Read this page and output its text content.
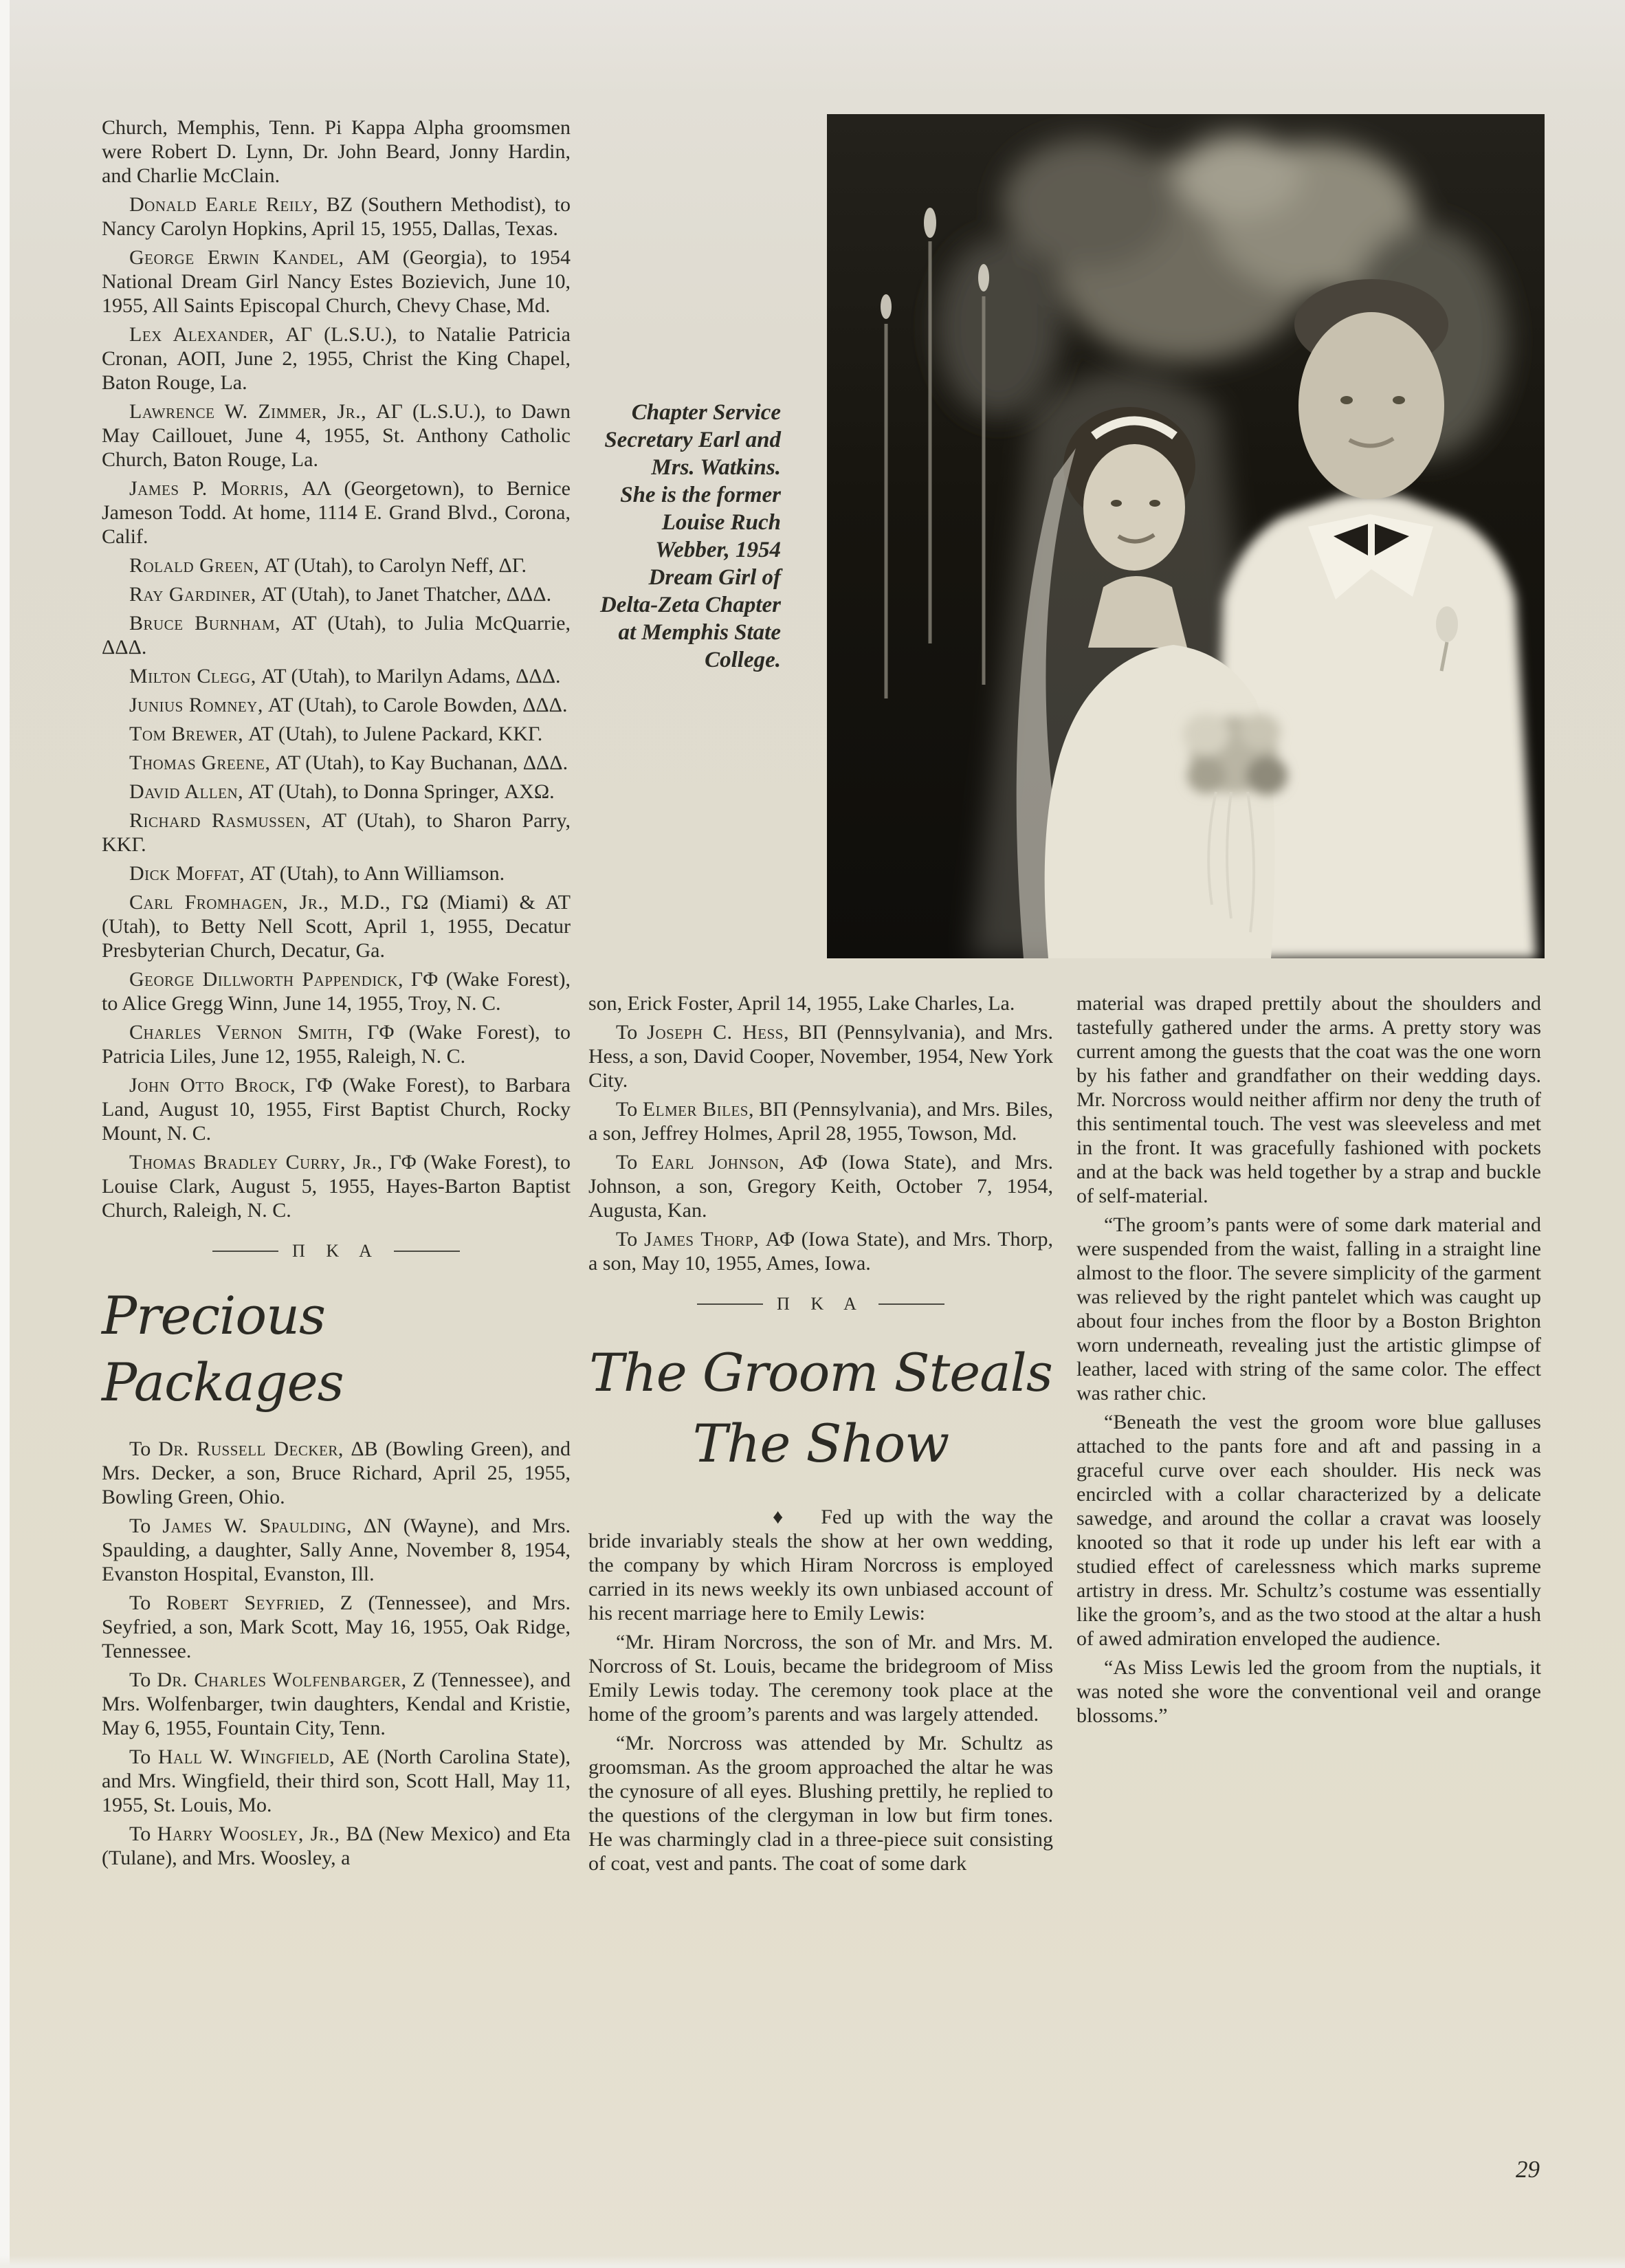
Chapter Service
Secretary Earl and
Mrs. Watkins.
She is the former
Louise Ruch
Webber, 1954
Dream Girl of
Delta-Zeta Chapter
at Memphis State
College.

Church, Memphis, Tenn. Pi Kappa Alpha groomsmen were Robert D. Lynn, Dr. John Beard, Jonny Hardin, and Charlie McClain.

Donald Earle Reily, ΒΖ (Southern Methodist), to Nancy Carolyn Hopkins, April 15, 1955, Dallas, Texas.

George Erwin Kandel, ΑΜ (Georgia), to 1954 National Dream Girl Nancy Estes Bozievich, June 10, 1955, All Saints Episcopal Church, Chevy Chase, Md.

Lex Alexander, ΑΓ (L.S.U.), to Natalie Patricia Cronan, ΑΟΠ, June 2, 1955, Christ the King Chapel, Baton Rouge, La.

Lawrence W. Zimmer, Jr., ΑΓ (L.S.U.), to Dawn May Caillouet, June 4, 1955, St. Anthony Catholic Church, Baton Rouge, La.

James P. Morris, ΑΛ (Georgetown), to Bernice Jameson Todd. At home, 1114 E. Grand Blvd., Corona, Calif.

Rolald Green, ΑΤ (Utah), to Carolyn Neff, ΔΓ.

Ray Gardiner, ΑΤ (Utah), to Janet Thatcher, ΔΔΔ.

Bruce Burnham, ΑΤ (Utah), to Julia McQuarrie, ΔΔΔ.

Milton Clegg, ΑΤ (Utah), to Marilyn Adams, ΔΔΔ.

Junius Romney, ΑΤ (Utah), to Carole Bowden, ΔΔΔ.

Tom Brewer, ΑΤ (Utah), to Julene Packard, ΚΚΓ.

Thomas Greene, ΑΤ (Utah), to Kay Buchanan, ΔΔΔ.

David Allen, ΑΤ (Utah), to Donna Springer, ΑΧΩ.

Richard Rasmussen, ΑΤ (Utah), to Sharon Parry, ΚΚΓ.

Dick Moffat, ΑΤ (Utah), to Ann Williamson.

Carl Fromhagen, Jr., M.D., ΓΩ (Miami) & ΑΤ (Utah), to Betty Nell Scott, April 1, 1955, Decatur Presbyterian Church, Decatur, Ga.

George Dillworth Pappendick, ΓΦ (Wake Forest), to Alice Gregg Winn, June 14, 1955, Troy, N. C.

Charles Vernon Smith, ΓΦ (Wake Forest), to Patricia Liles, June 12, 1955, Raleigh, N. C.

John Otto Brock, ΓΦ (Wake Forest), to Barbara Land, August 10, 1955, First Baptist Church, Rocky Mount, N. C.

Thomas Bradley Curry, Jr., ΓΦ (Wake Forest), to Louise Clark, August 5, 1955, Hayes-Barton Baptist Church, Raleigh, N. C.

Π Κ Α
Precious Packages

To Dr. Russell Decker, ΔΒ (Bowling Green), and Mrs. Decker, a son, Bruce Richard, April 25, 1955, Bowling Green, Ohio.

To James W. Spaulding, ΔΝ (Wayne), and Mrs. Spaulding, a daughter, Sally Anne, November 8, 1954, Evanston Hospital, Evanston, Ill.

To Robert Seyfried, Ζ (Tennessee), and Mrs. Seyfried, a son, Mark Scott, May 16, 1955, Oak Ridge, Tennessee.

To Dr. Charles Wolfenbarger, Ζ (Tennessee), and Mrs. Wolfenbarger, twin daughters, Kendal and Kristie, May 6, 1955, Fountain City, Tenn.

To Hall W. Wingfield, ΑΕ (North Carolina State), and Mrs. Wingfield, their third son, Scott Hall, May 11, 1955, St. Louis, Mo.

To Harry Woosley, Jr., ΒΔ (New Mexico) and Eta (Tulane), and Mrs. Woosley, a

son, Erick Foster, April 14, 1955, Lake Charles, La.

To Joseph C. Hess, ΒΠ (Pennsylvania), and Mrs. Hess, a son, David Cooper, November, 1954, New York City.

To Elmer Biles, ΒΠ (Pennsylvania), and Mrs. Biles, a son, Jeffrey Holmes, April 28, 1955, Towson, Md.

To Earl Johnson, ΑΦ (Iowa State), and Mrs. Johnson, a son, Gregory Keith, October 7, 1954, Augusta, Kan.

To James Thorp, ΑΦ (Iowa State), and Mrs. Thorp, a son, May 10, 1955, Ames, Iowa.

Π Κ Α
The Groom Steals
The Show

♦ Fed up with the way the bride invariably steals the show at her own wedding, the company by which Hiram Norcross is employed carried in its news weekly its own unbiased account of his recent marriage here to Emily Lewis:

“Mr. Hiram Norcross, the son of Mr. and Mrs. M. Norcross of St. Louis, became the bridegroom of Miss Emily Lewis today. The ceremony took place at the home of the groom’s parents and was largely attended.

“Mr. Norcross was attended by Mr. Schultz as groomsman. As the groom approached the altar he was the cynosure of all eyes. Blushing prettily, he replied to the questions of the clergyman in low but firm tones. He was charmingly clad in a three-piece suit consisting of coat, vest and pants. The coat of some dark

material was draped prettily about the shoulders and tastefully gathered under the arms. A pretty story was current among the guests that the coat was the one worn by his father and grandfather on their wedding days. Mr. Norcross would neither affirm nor deny the truth of this sentimental touch. The vest was sleeveless and met in the front. It was gracefully fashioned with pockets and at the back was held together by a strap and buckle of self-material.

“The groom’s pants were of some dark material and were suspended from the waist, falling in a straight line almost to the floor. The severe simplicity of the garment was relieved by the right pantelet which was caught up about four inches from the floor by a Boston Brighton worn underneath, revealing just the artistic glimpse of leather, laced with string of the same color. The effect was rather chic.

“Beneath the vest the groom wore blue galluses attached to the pants fore and aft and passing in a graceful curve over each shoulder. His neck was encircled with a collar characterized by a delicate sawedge, and around the collar a cravat was loosely knooted so that it rode up under his left ear with a studied effect of carelessness which marks supreme artistry in dress. Mr. Schultz’s costume was essentially like the groom’s, and as the two stood at the altar a hush of awed admiration enveloped the audience.

“As Miss Lewis led the groom from the nuptials, it was noted she wore the conventional veil and orange blossoms.”

29
